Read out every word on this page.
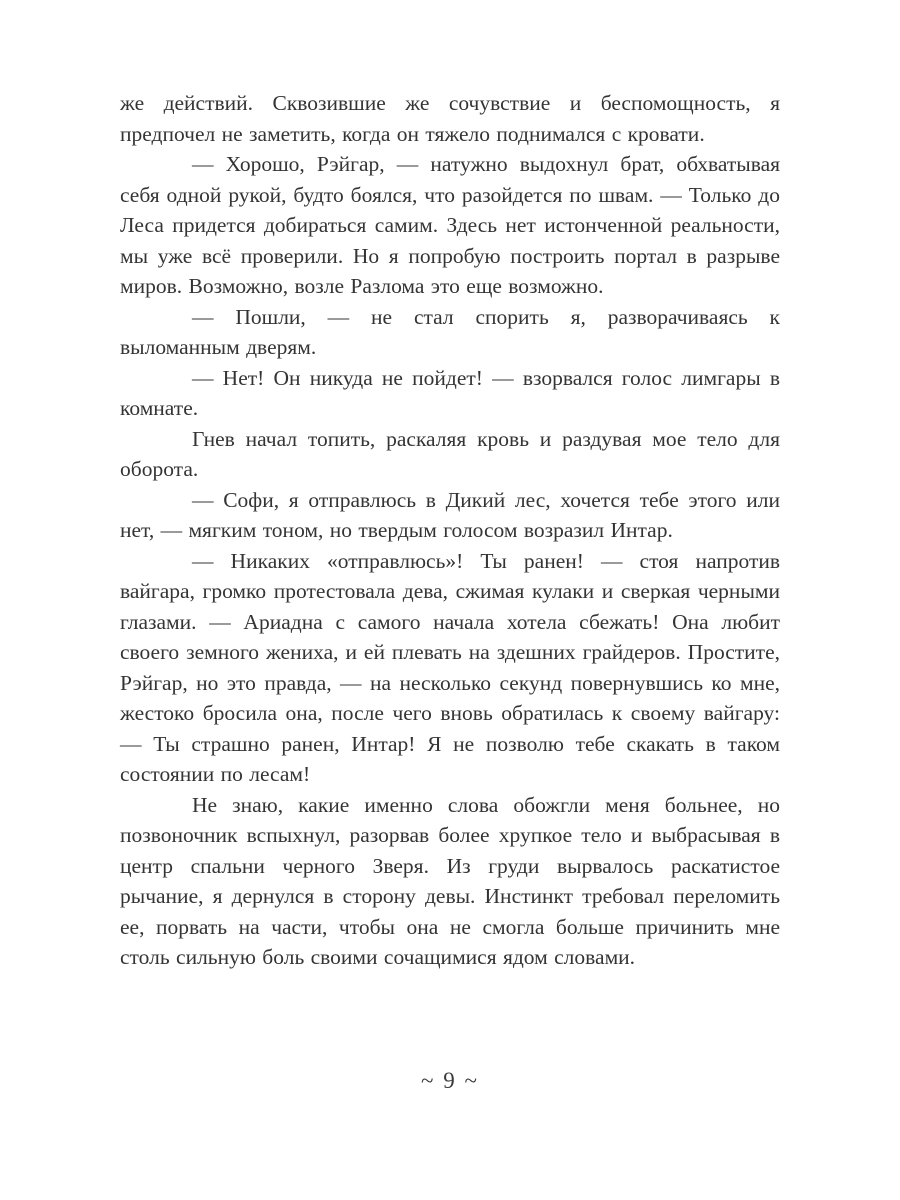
же действий. Сквозившие же сочувствие и беспомощность, я предпочел не заметить, когда он тяжело поднимался с кровати.

— Хорошо, Рэйгар, — натужно выдохнул брат, обхватывая себя одной рукой, будто боялся, что разойдется по швам. — Только до Леса придется добираться самим. Здесь нет истонченной реальности, мы уже всё проверили. Но я попробую построить портал в разрыве миров. Возможно, возле Разлома это еще возможно.

— Пошли, — не стал спорить я, разворачиваясь к выломанным дверям.

— Нет! Он никуда не пойдет! — взорвался голос лимгары в комнате.

Гнев начал топить, раскаляя кровь и раздувая мое тело для оборота.

— Софи, я отправлюсь в Дикий лес, хочется тебе этого или нет, — мягким тоном, но твердым голосом возразил Интар.

— Никаких «отправлюсь»! Ты ранен! — стоя напротив вайгара, громко протестовала дева, сжимая кулаки и сверкая черными глазами. — Ариадна с самого начала хотела сбежать! Она любит своего земного жениха, и ей плевать на здешних грайдеров. Простите, Рэйгар, но это правда, — на несколько секунд повернувшись ко мне, жестоко бросила она, после чего вновь обратилась к своему вайгару: — Ты страшно ранен, Интар! Я не позволю тебе скакать в таком состоянии по лесам!

Не знаю, какие именно слова обожгли меня больнее, но позвоночник вспыхнул, разорвав более хрупкое тело и выбрасывая в центр спальни черного Зверя. Из груди вырвалось раскатистое рычание, я дернулся в сторону девы. Инстинкт требовал переломить ее, порвать на части, чтобы она не смогла больше причинить мне столь сильную боль своими сочащимися ядом словами.

~ 9 ~
